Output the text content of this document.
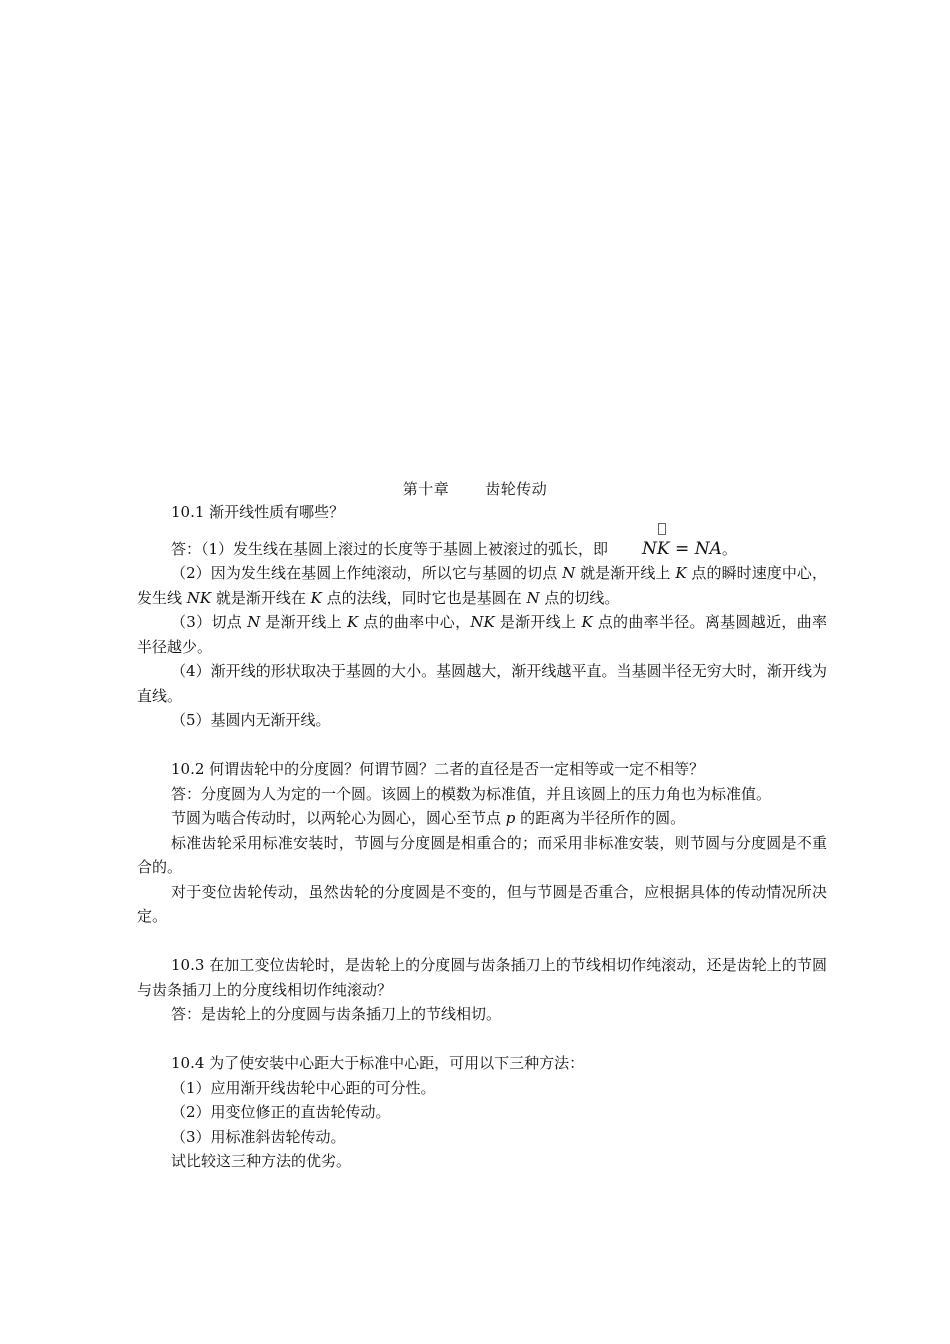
第十章 齿轮传动

10.1 渐开线性质有哪些？

答：（1）发生线在基圆上滚过的长度等于基圆上被滚过的弧长，即 NK = NA
。

（2）因为发生线在基圆上作纯滚动，所以它与基圆的切点 N 就是渐开线上 K 点的瞬时速度中心，发生线 NK 就是渐开线在 K 点的法线，同时它也是基圆在 N 点的切线。

（3）切点 N 是渐开线上 K 点的曲率中心，NK 是渐开线上 K 点的曲率半径。离基圆越近，曲率半径越少。

（4）渐开线的形状取决于基圆的大小。基圆越大，渐开线越平直。当基圆半径无穷大时，渐开线为直线。

（5）基圆内无渐开线。

10.2 何谓齿轮中的分度圆？何谓节圆？二者的直径是否一定相等或一定不相等？

答：分度圆为人为定的一个圆。该圆上的模数为标准值，并且该圆上的压力角也为标准值。

节圆为啮合传动时，以两轮心为圆心，圆心至节点 p 的距离为半径所作的圆。

标准齿轮采用标准安装时，节圆与分度圆是相重合的；而采用非标准安装，则节圆与分度圆是不重合的。

对于变位齿轮传动，虽然齿轮的分度圆是不变的，但与节圆是否重合，应根据具体的传动情况所决定。

10.3 在加工变位齿轮时，是齿轮上的分度圆与齿条插刀上的节线相切作纯滚动，还是齿轮上的节圆与齿条插刀上的分度线相切作纯滚动？

答：是齿轮上的分度圆与齿条插刀上的节线相切。

10.4 为了使安装中心距大于标准中心距，可用以下三种方法：

（1）应用渐开线齿轮中心距的可分性。

（2）用变位修正的直齿轮传动。

（3）用标准斜齿轮传动。

试比较这三种方法的优劣。
